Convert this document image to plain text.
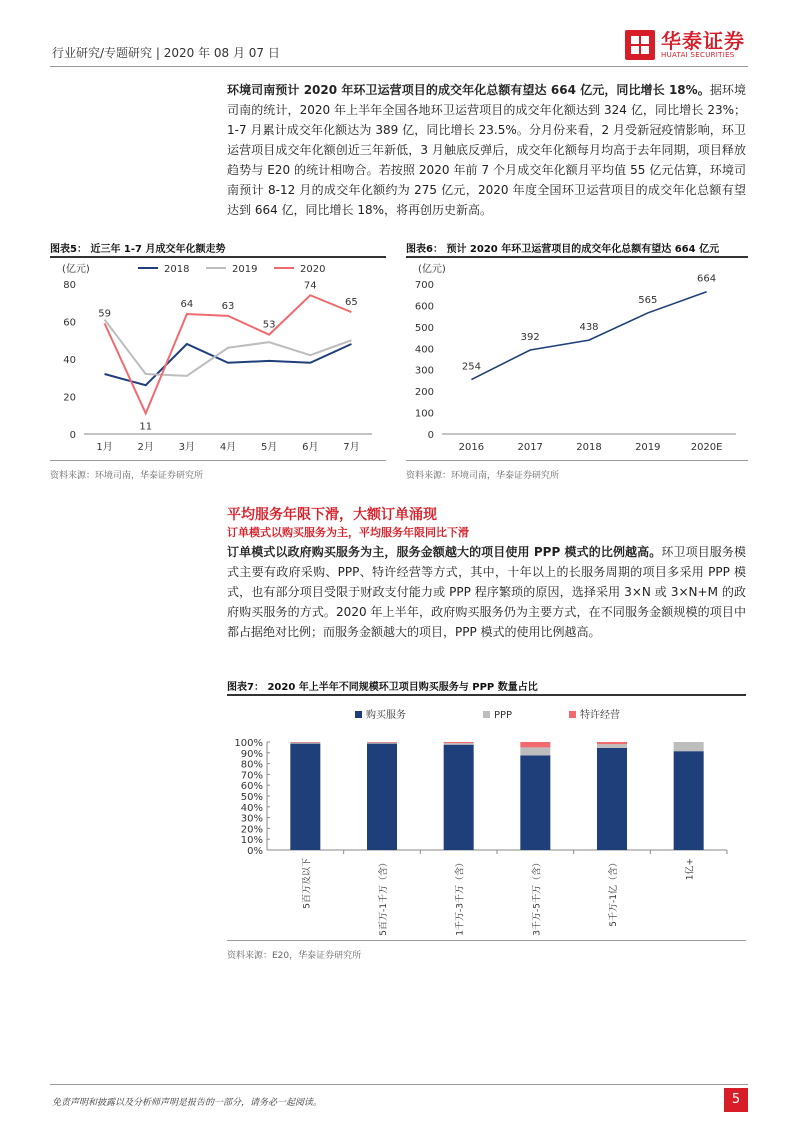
行业研究/专题研究 | 2020 年 08 月 07 日	华泰证券
HUATAI SECURITIES
环境司南预计 2020 年环卫运营项目的成交年化总额有望达 664 亿元，同比增长 18%。据环境司南的统计，2020 年上半年全国各地环卫运营项目的成交年化额达到 324 亿，同比增长 23%；1-7 月累计成交年化额达为 389 亿，同比增长 23.5%。分月份来看，2 月受新冠疫情影响，环卫运营项目成交年化额创近三年新低，3 月触底反弹后，成交年化额每月均高于去年同期，项目释放趋势与 E20 的统计相吻合。若按照 2020 年前 7 个月成交年化额月平均值 55 亿元估算，环境司南预计 8-12 月的成交年化额约为 275 亿元，2020 年度全国环卫运营项目的成交年化总额有望达到 664 亿，同比增长 18%，将再创历史新高。
图表5： 近三年 1-7 月成交年化额走势
(亿元)
0
20
40
60
80
1月 2月 3月 4月 5月 6月 7月
2018	2019	2020
59
11
64	63
53
74
65
资料来源：环境司南，华泰证券研究所
图表6： 预计 2020 年环卫运营项目的成交年化总额有望达 664 亿元
(亿元)
0
100
200
300
400
500
600
700
2016	2017	2018	2019	2020E
254
392
438
565
664
资料来源：环境司南，华泰证券研究所
平均服务年限下滑，大额订单涌现
订单模式以购买服务为主，平均服务年限同比下滑
订单模式以政府购买服务为主，服务金额越大的项目使用 PPP 模式的比例越高。环卫项目服务模式主要有政府采购、PPP、特许经营等方式，其中，十年以上的长服务周期的项目多采用 PPP 模式，也有部分项目受限于财政支付能力或 PPP 程序繁琐的原因，选择采用 3×N 或 3×N+M 的政府购买服务的方式。2020 年上半年，政府购买服务仍为主要方式，在不同服务金额规模的项目中都占据绝对比例；而服务金额越大的项目，PPP 模式的使用比例越高。
图表7： 2020 年上半年不同规模环卫项目购买服务与 PPP 数量占比
购买服务	PPP	特许经营
0%
10%
20%
30%
40%
50%
60%
70%
80%
90%
100%
5百万及以下	5百万-1千万（含）	1千万-3千万（含）	3千万-5千万（含）	5千万-1亿（含）	1亿+
资料来源：E20，华泰证券研究所
免责声明和披露以及分析师声明是报告的一部分，请务必一起阅读。	5
